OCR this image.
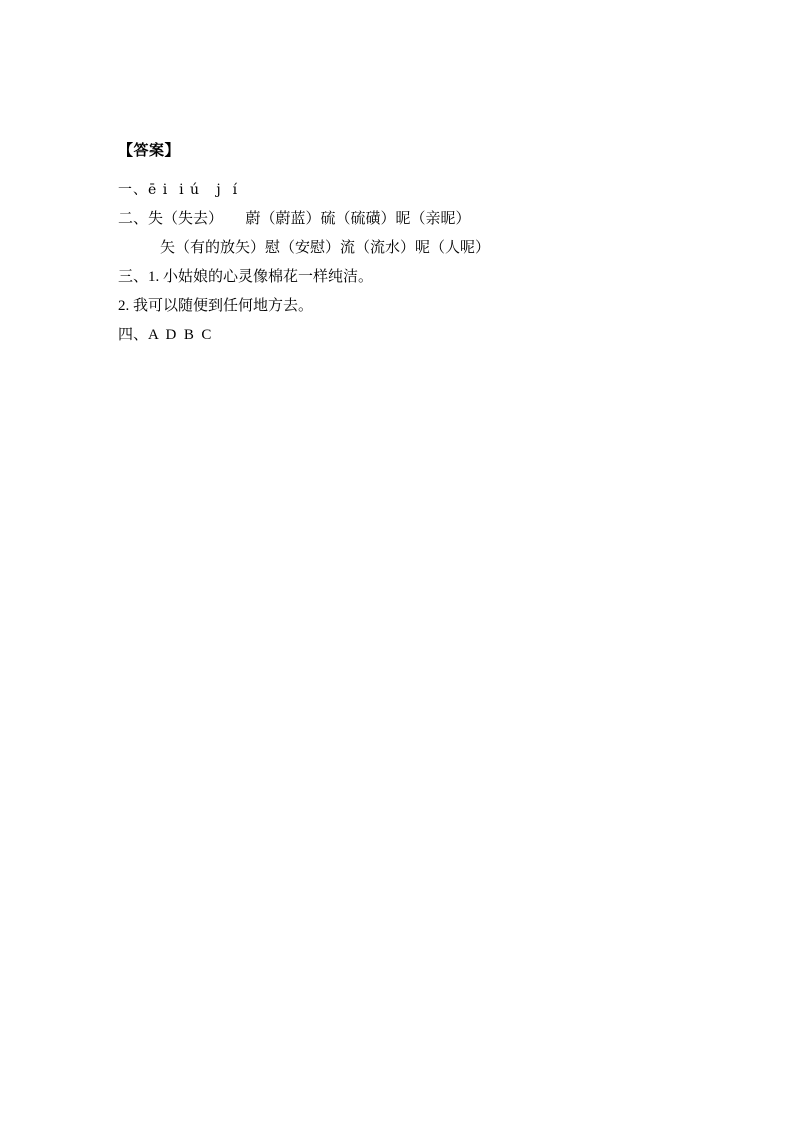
【答案】

一、ē i  i ú   j  í

二、失（失去）      蔚（蔚蓝）硫（硫磺）昵（亲昵）

矢（有的放矢）慰（安慰）流（流水）呢（人呢）

三、1. 小姑娘的心灵像棉花一样纯洁。

2. 我可以随便到任何地方去。

四、A  D  B  C
